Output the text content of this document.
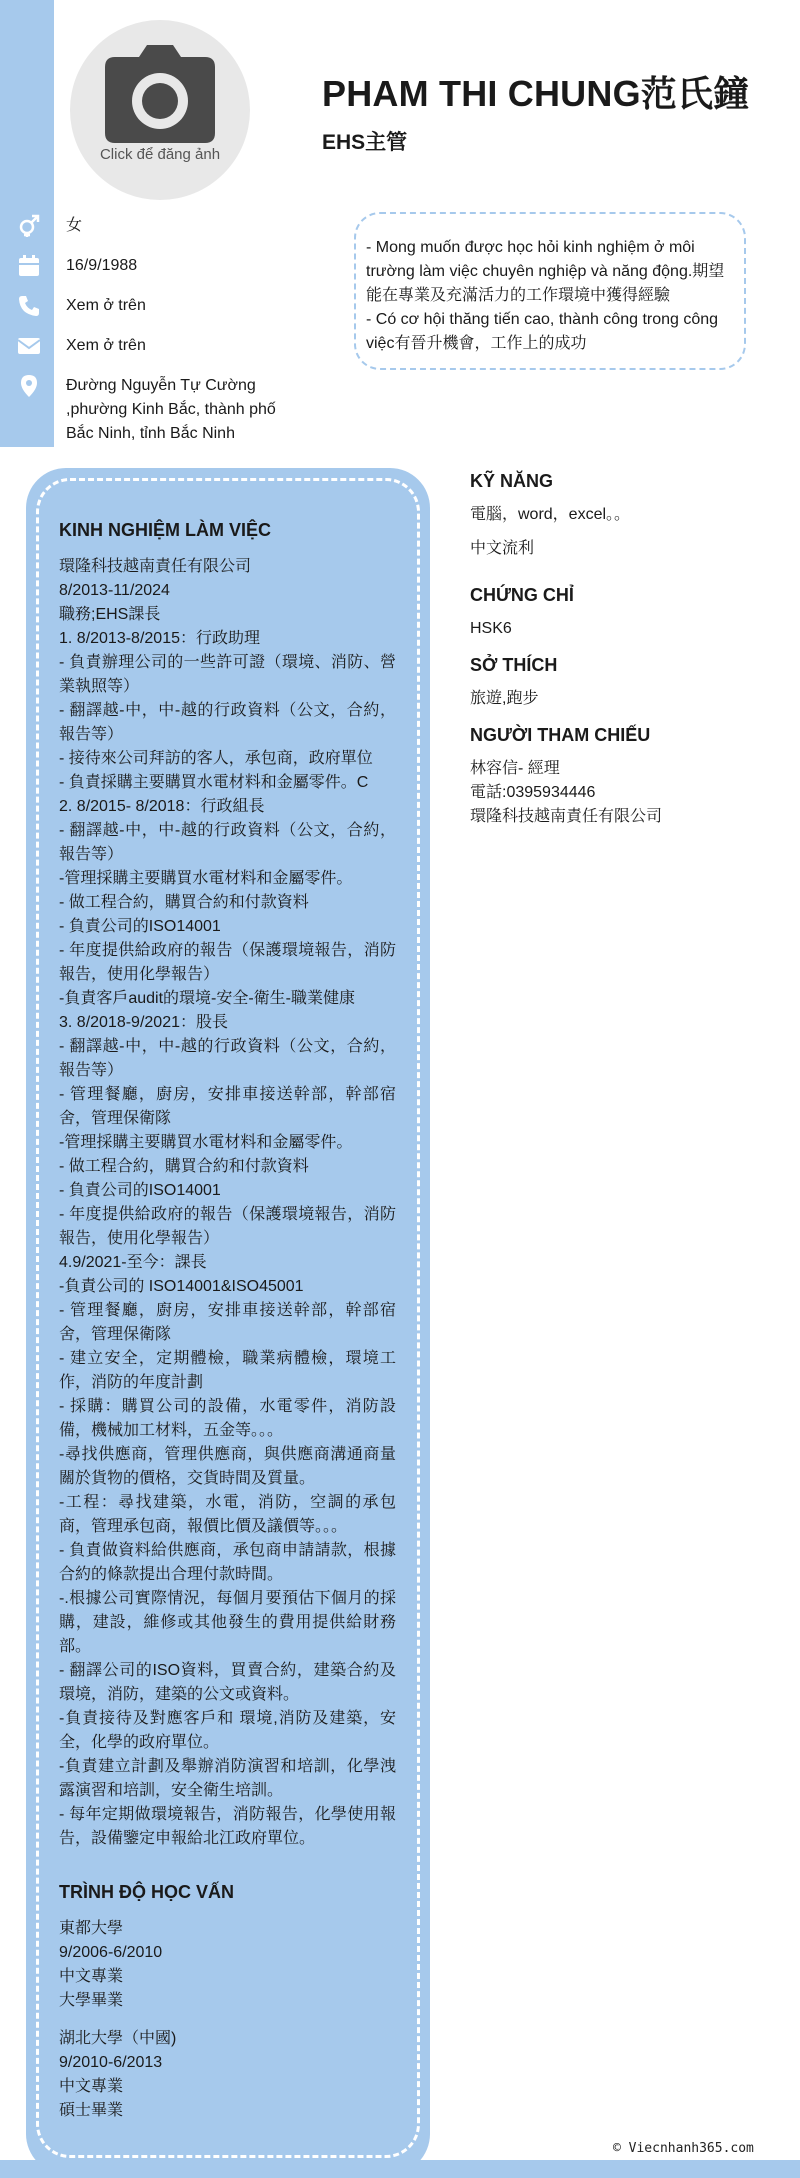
Click để đăng ảnh
PHAM THI CHUNG范氏鐘
EHS主管
女
16/9/1988
Xem ở trên
Xem ở trên
Đường Nguyễn Tự Cường ,phường Kinh Bắc, thành phố Bắc Ninh, tỉnh Bắc Ninh

- Mong muốn được học hỏi kinh nghiệm ở môi trường làm việc chuyên nghiệp và năng động.期望能在專業及充滿活力的工作環境中獲得經驗

- Có cơ hội thăng tiến cao, thành công trong công việc有晉升機會，工作上的成功

KINH NGHIỆM LÀM VIỆC
環隆科技越南責任有限公司
8/2013-11/2024
職務;EHS課長
1. 8/2013-8/2015：行政助理
- 負責辦理公司的一些許可證（環境、消防、營業執照等）
- 翻譯越-中，中-越的行政資料（公文，合約，報告等）
- 接待來公司拜訪的客人，承包商，政府單位
- 負責採購主要購買水電材料和金屬零件。C
2. 8/2015- 8/2018：行政組長
- 翻譯越-中，中-越的行政資料（公文，合約，報告等）
-管理採購主要購買水電材料和金屬零件。
- 做工程合約，購買合約和付款資料
- 負責公司的ISO14001
- 年度提供給政府的報告（保護環境報告，消防報告，使用化學報告）
-負責客戶audit的環境-安全-衛生-職業健康
3. 8/2018-9/2021：股長
- 翻譯越-中，中-越的行政資料（公文，合約，報告等）
- 管理餐廳，廚房，安排車接送幹部，幹部宿舍，管理保衛隊
-管理採購主要購買水電材料和金屬零件。
- 做工程合約，購買合約和付款資料
- 負責公司的ISO14001
- 年度提供給政府的報告（保護環境報告，消防報告，使用化學報告）
4.9/2021-至今：課長
-負責公司的 ISO14001&ISO45001
- 管理餐廳，廚房，安排車接送幹部，幹部宿舍，管理保衛隊
- 建立安全，定期體檢，職業病體檢，環境工作，消防的年度計劃
- 採購：購買公司的設備，水電零件，消防設備，機械加工材料，五金等。。。
-尋找供應商，管理供應商，與供應商溝通商量關於貨物的價格，交貨時間及質量。
-工程：尋找建築，水電，消防，空調的承包商，管理承包商，報價比價及議價等。。。
- 負責做資料給供應商，承包商申請請款，根據合約的條款提出合理付款時間。
-.根據公司實際情況，每個月要預估下個月的採購，建設，維修或其他發生的費用提供給財務部。
- 翻譯公司的ISO資料，買賣合約，建築合約及環境，消防，建築的公文或資料。
-負責接待及對應客戶和 環境,消防及建築，安全，化學的政府單位。
-負責建立計劃及舉辦消防演習和培訓，化學洩露演習和培訓，安全衛生培訓。
- 每年定期做環境報告，消防報告，化學使用報告，設備鑒定申報給北江政府單位。
TRÌNH ĐỘ HỌC VẤN
東都大學
9/2006-6/2010
中文專業
大學畢業
湖北大學（中國)
9/2010-6/2013
中文專業
碩士畢業
KỸ NĂNG
電腦，word，excel。。
中文流利
CHỨNG CHỈ
HSK6
SỞ THÍCH
旅遊,跑步
NGƯỜI THAM CHIẾU
林容信- 經理
電話:0395934446
環隆科技越南責任有限公司
© Viecnhanh365.com
